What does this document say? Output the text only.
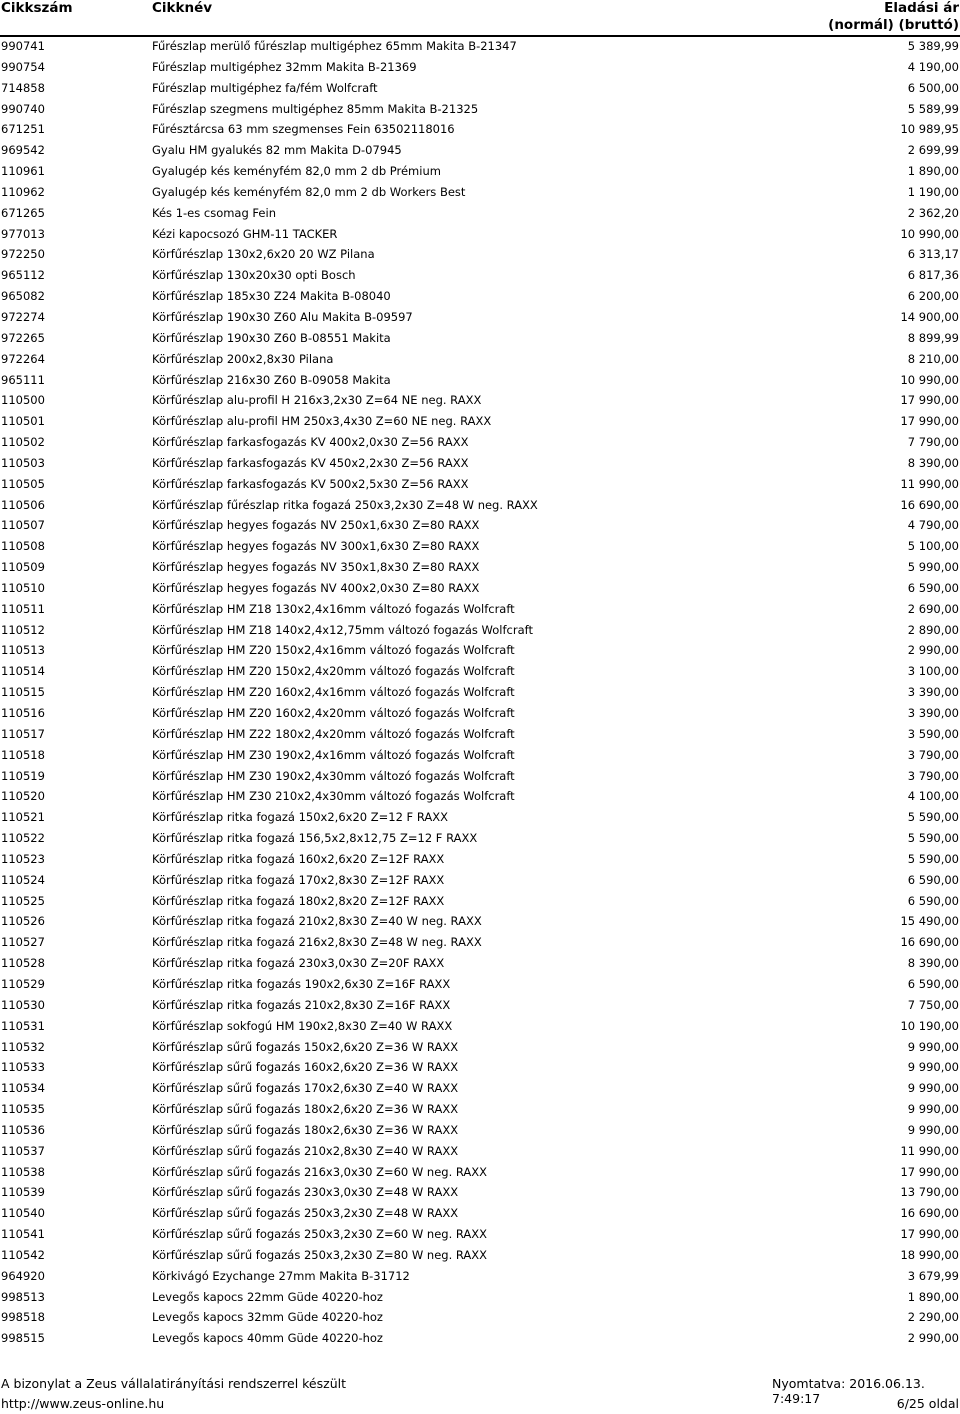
Cikkszám	Cikknév	Eladási ár
(normál) (bruttó)
990741	Fűrészlap merülő fűrészlap multigéphez 65mm Makita B-21347	5 389,99
990754	Fűrészlap multigéphez 32mm Makita B-21369	4 190,00
714858	Fűrészlap multigéphez fa/fém Wolfcraft	6 500,00
990740	Fűrészlap szegmens multigéphez 85mm Makita B-21325	5 589,99
671251	Fűrésztárcsa 63 mm szegmenses Fein 63502118016	10 989,95
969542	Gyalu HM gyalukés 82 mm Makita D-07945	2 699,99
110961	Gyalugép kés keményfém 82,0 mm 2 db Prémium	1 890,00
110962	Gyalugép kés keményfém 82,0 mm 2 db Workers Best	1 190,00
671265	Kés 1-es csomag Fein	2 362,20
977013	Kézi kapocsozó GHM-11 TACKER	10 990,00
972250	Körfűrészlap 130x2,6x20 20 WZ Pilana	6 313,17
965112	Körfűrészlap 130x20x30 opti Bosch	6 817,36
965082	Körfűrészlap 185x30 Z24 Makita B-08040	6 200,00
972274	Körfűrészlap 190x30 Z60 Alu Makita B-09597	14 900,00
972265	Körfűrészlap 190x30 Z60 B-08551 Makita	8 899,99
972264	Körfűrészlap 200x2,8x30 Pilana	8 210,00
965111	Körfűrészlap 216x30 Z60 B-09058 Makita	10 990,00
110500	Körfűrészlap alu-profil H 216x3,2x30 Z=64 NE neg. RAXX	17 990,00
110501	Körfűrészlap alu-profil HM 250x3,4x30 Z=60 NE neg. RAXX	17 990,00
110502	Körfűrészlap farkasfogazás KV 400x2,0x30 Z=56 RAXX	7 790,00
110503	Körfűrészlap farkasfogazás KV 450x2,2x30 Z=56 RAXX	8 390,00
110505	Körfűrészlap farkasfogazás KV 500x2,5x30 Z=56 RAXX	11 990,00
110506	Körfűrészlap fűrészlap ritka fogazá 250x3,2x30 Z=48 W neg. RAXX	16 690,00
110507	Körfűrészlap hegyes fogazás NV 250x1,6x30 Z=80 RAXX	4 790,00
110508	Körfűrészlap hegyes fogazás NV 300x1,6x30 Z=80 RAXX	5 100,00
110509	Körfűrészlap hegyes fogazás NV 350x1,8x30 Z=80 RAXX	5 990,00
110510	Körfűrészlap hegyes fogazás NV 400x2,0x30 Z=80 RAXX	6 590,00
110511	Körfűrészlap HM Z18 130x2,4x16mm változó fogazás Wolfcraft	2 690,00
110512	Körfűrészlap HM Z18 140x2,4x12,75mm változó fogazás Wolfcraft	2 890,00
110513	Körfűrészlap HM Z20 150x2,4x16mm változó fogazás Wolfcraft	2 990,00
110514	Körfűrészlap HM Z20 150x2,4x20mm változó fogazás Wolfcraft	3 100,00
110515	Körfűrészlap HM Z20 160x2,4x16mm változó fogazás Wolfcraft	3 390,00
110516	Körfűrészlap HM Z20 160x2,4x20mm változó fogazás Wolfcraft	3 390,00
110517	Körfűrészlap HM Z22 180x2,4x20mm változó fogazás Wolfcraft	3 590,00
110518	Körfűrészlap HM Z30 190x2,4x16mm változó fogazás Wolfcraft	3 790,00
110519	Körfűrészlap HM Z30 190x2,4x30mm változó fogazás Wolfcraft	3 790,00
110520	Körfűrészlap HM Z30 210x2,4x30mm változó fogazás Wolfcraft	4 100,00
110521	Körfűrészlap ritka fogazá 150x2,6x20 Z=12 F RAXX	5 590,00
110522	Körfűrészlap ritka fogazá 156,5x2,8x12,75 Z=12 F RAXX	5 590,00
110523	Körfűrészlap ritka fogazá 160x2,6x20 Z=12F RAXX	5 590,00
110524	Körfűrészlap ritka fogazá 170x2,8x30 Z=12F RAXX	6 590,00
110525	Körfűrészlap ritka fogazá 180x2,8x20 Z=12F RAXX	6 590,00
110526	Körfűrészlap ritka fogazá 210x2,8x30 Z=40 W neg. RAXX	15 490,00
110527	Körfűrészlap ritka fogazá 216x2,8x30 Z=48 W neg. RAXX	16 690,00
110528	Körfűrészlap ritka fogazá 230x3,0x30 Z=20F RAXX	8 390,00
110529	Körfűrészlap ritka fogazás 190x2,6x30 Z=16F RAXX	6 590,00
110530	Körfűrészlap ritka fogazás 210x2,8x30 Z=16F RAXX	7 750,00
110531	Körfűrészlap sokfogú HM 190x2,8x30 Z=40 W RAXX	10 190,00
110532	Körfűrészlap sűrű fogazás 150x2,6x20 Z=36 W RAXX	9 990,00
110533	Körfűrészlap sűrű fogazás 160x2,6x20 Z=36 W RAXX	9 990,00
110534	Körfűrészlap sűrű fogazás 170x2,6x30 Z=40 W RAXX	9 990,00
110535	Körfűrészlap sűrű fogazás 180x2,6x20 Z=36 W RAXX	9 990,00
110536	Körfűrészlap sűrű fogazás 180x2,6x30 Z=36 W RAXX	9 990,00
110537	Körfűrészlap sűrű fogazás 210x2,8x30 Z=40 W RAXX	11 990,00
110538	Körfűrészlap sűrű fogazás 216x3,0x30 Z=60 W neg. RAXX	17 990,00
110539	Körfűrészlap sűrű fogazás 230x3,0x30 Z=48 W RAXX	13 790,00
110540	Körfűrészlap sűrű fogazás 250x3,2x30 Z=48 W RAXX	16 690,00
110541	Körfűrészlap sűrű fogazás 250x3,2x30 Z=60 W neg. RAXX	17 990,00
110542	Körfűrészlap sűrű fogazás 250x3,2x30 Z=80 W neg. RAXX	18 990,00
964920	Körkivágó Ezychange 27mm Makita B-31712	3 679,99
998513	Levegős kapocs 22mm Güde 40220-hoz	1 890,00
998518	Levegős kapocs 32mm Güde 40220-hoz	2 290,00
998515	Levegős kapocs 40mm Güde 40220-hoz	2 990,00
A bizonylat a Zeus vállalatirányítási rendszerrel készült
http://www.zeus-online.hu
Nyomtatva: 2016.06.13. 7:49:17	6/25 oldal
